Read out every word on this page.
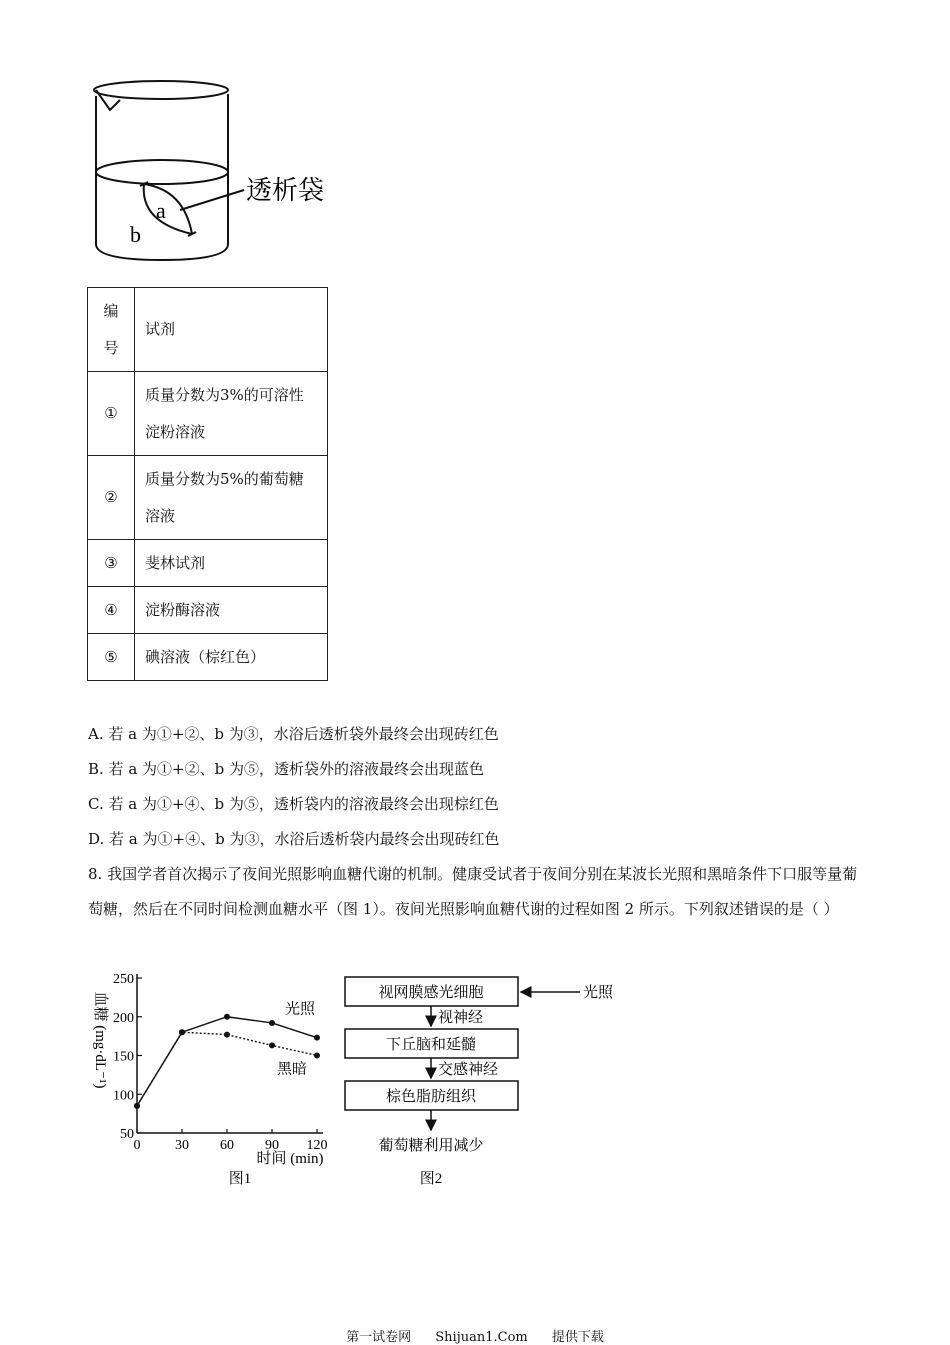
透析袋
a
b
编号	试剂
①	质量分数为3%的可溶性淀粉溶液
②	质量分数为5%的葡萄糖溶液
③	斐林试剂
④	淀粉酶溶液
⑤	碘溶液（棕红色）
A. 若 a 为①+②、b 为③，水浴后透析袋外最终会出现砖红色
B. 若 a 为①+②、b 为⑤，透析袋外的溶液最终会出现蓝色
C. 若 a 为①+④、b 为⑤，透析袋内的溶液最终会出现棕红色
D. 若 a 为①+④、b 为③，水浴后透析袋内最终会出现砖红色
8. 我国学者首次揭示了夜间光照影响血糖代谢的机制。健康受试者于夜间分别在某波长光照和黑暗条件下口服等量葡萄糖，然后在不同时间检测血糖水平（图 1）。夜间光照影响血糖代谢的过程如图 2 所示。下列叙述错误的是（ ）
0 30 60 90 120
50
100
150
200
250
光照
黑暗
血糖 (mg·dL⁻¹)
时间 (min)
图1
视网膜感光细胞	光照
视神经
下丘脑和延髓
交感神经
棕色脂肪组织
葡萄糖利用减少
图2
第一试卷网 Shijuan1.Com 提供下载
